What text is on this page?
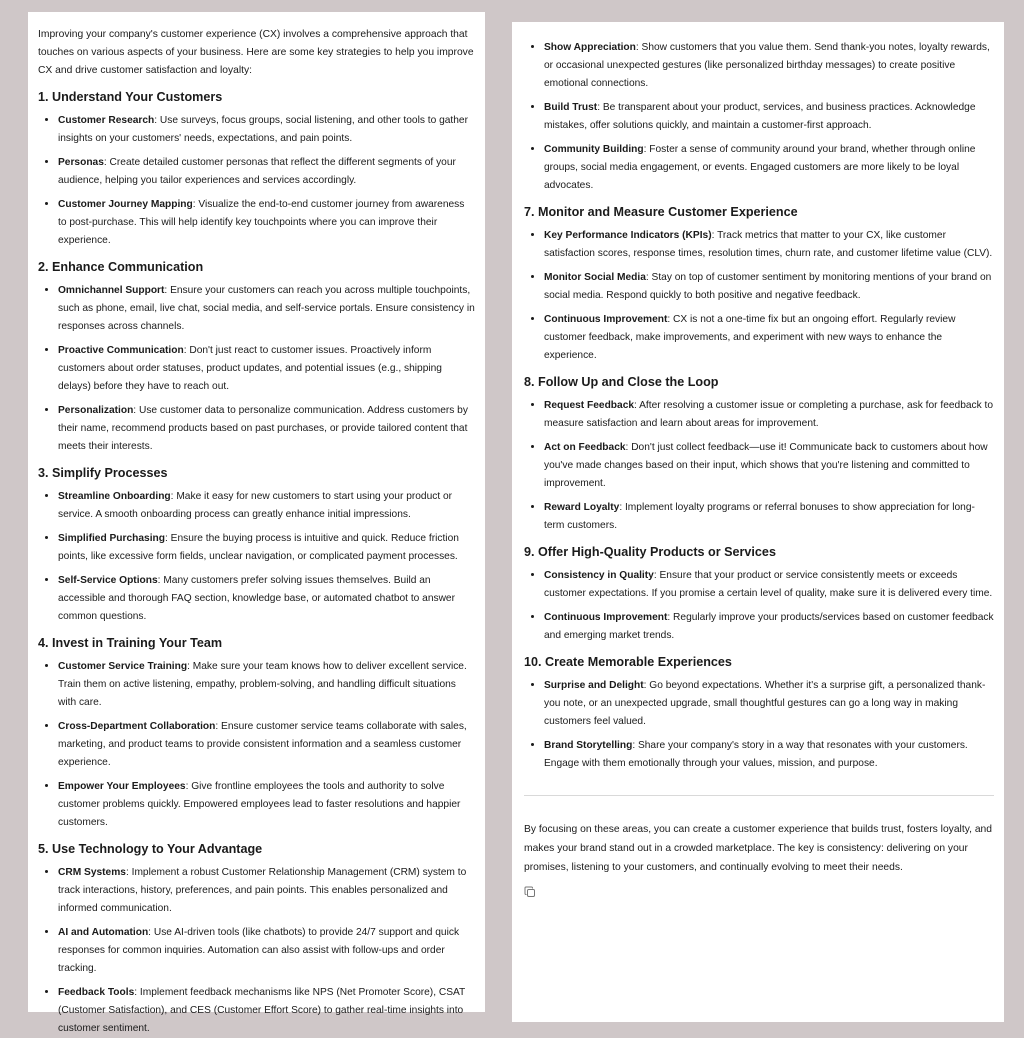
Improving your company's customer experience (CX) involves a comprehensive approach that touches on various aspects of your business. Here are some key strategies to help you improve CX and drive customer satisfaction and loyalty:

1. Understand Your Customers
• Customer Research: Use surveys, focus groups, social listening, and other tools to gather insights on your customers' needs, expectations, and pain points.
• Personas: Create detailed customer personas that reflect the different segments of your audience, helping you tailor experiences and services accordingly.
• Customer Journey Mapping: Visualize the end-to-end customer journey from awareness to post-purchase. This will help identify key touchpoints where you can improve their experience.
2. Enhance Communication
• Omnichannel Support: Ensure your customers can reach you across multiple touchpoints, such as phone, email, live chat, social media, and self-service portals. Ensure consistency in responses across channels.
• Proactive Communication: Don't just react to customer issues. Proactively inform customers about order statuses, product updates, and potential issues (e.g., shipping delays) before they have to reach out.
• Personalization: Use customer data to personalize communication. Address customers by their name, recommend products based on past purchases, or provide tailored content that meets their interests.
3. Simplify Processes
• Streamline Onboarding: Make it easy for new customers to start using your product or service. A smooth onboarding process can greatly enhance initial impressions.
• Simplified Purchasing: Ensure the buying process is intuitive and quick. Reduce friction points, like excessive form fields, unclear navigation, or complicated payment processes.
• Self-Service Options: Many customers prefer solving issues themselves. Build an accessible and thorough FAQ section, knowledge base, or automated chatbot to answer common questions.
4. Invest in Training Your Team
• Customer Service Training: Make sure your team knows how to deliver excellent service. Train them on active listening, empathy, problem-solving, and handling difficult situations with care.
• Cross-Department Collaboration: Ensure customer service teams collaborate with sales, marketing, and product teams to provide consistent information and a seamless customer experience.
• Empower Your Employees: Give frontline employees the tools and authority to solve customer problems quickly. Empowered employees lead to faster resolutions and happier customers.
5. Use Technology to Your Advantage
• CRM Systems: Implement a robust Customer Relationship Management (CRM) system to track interactions, history, preferences, and pain points. This enables personalized and informed communication.
• AI and Automation: Use AI-driven tools (like chatbots) to provide 24/7 support and quick responses for common inquiries. Automation can also assist with follow-ups and order tracking.
• Feedback Tools: Implement feedback mechanisms like NPS (Net Promoter Score), CSAT (Customer Satisfaction), and CES (Customer Effort Score) to gather real-time insights into customer sentiment.
• Show Appreciation: Show customers that you value them. Send thank-you notes, loyalty rewards, or occasional unexpected gestures (like personalized birthday messages) to create positive emotional connections.
• Build Trust: Be transparent about your product, services, and business practices. Acknowledge mistakes, offer solutions quickly, and maintain a customer-first approach.
• Community Building: Foster a sense of community around your brand, whether through online groups, social media engagement, or events. Engaged customers are more likely to be loyal advocates.
7. Monitor and Measure Customer Experience
• Key Performance Indicators (KPIs): Track metrics that matter to your CX, like customer satisfaction scores, response times, resolution times, churn rate, and customer lifetime value (CLV).
• Monitor Social Media: Stay on top of customer sentiment by monitoring mentions of your brand on social media. Respond quickly to both positive and negative feedback.
• Continuous Improvement: CX is not a one-time fix but an ongoing effort. Regularly review customer feedback, make improvements, and experiment with new ways to enhance the experience.
8. Follow Up and Close the Loop
• Request Feedback: After resolving a customer issue or completing a purchase, ask for feedback to measure satisfaction and learn about areas for improvement.
• Act on Feedback: Don't just collect feedback—use it! Communicate back to customers about how you've made changes based on their input, which shows that you're listening and committed to improvement.
• Reward Loyalty: Implement loyalty programs or referral bonuses to show appreciation for long-term customers.
9. Offer High-Quality Products or Services
• Consistency in Quality: Ensure that your product or service consistently meets or exceeds customer expectations. If you promise a certain level of quality, make sure it is delivered every time.
• Continuous Improvement: Regularly improve your products/services based on customer feedback and emerging market trends.
10. Create Memorable Experiences
• Surprise and Delight: Go beyond expectations. Whether it's a surprise gift, a personalized thank-you note, or an unexpected upgrade, small thoughtful gestures can go a long way in making customers feel valued.
• Brand Storytelling: Share your company's story in a way that resonates with your customers. Engage with them emotionally through your values, mission, and purpose.

By focusing on these areas, you can create a customer experience that builds trust, fosters loyalty, and makes your brand stand out in a crowded marketplace. The key is consistency: delivering on your promises, listening to your customers, and continually evolving to meet their needs.
